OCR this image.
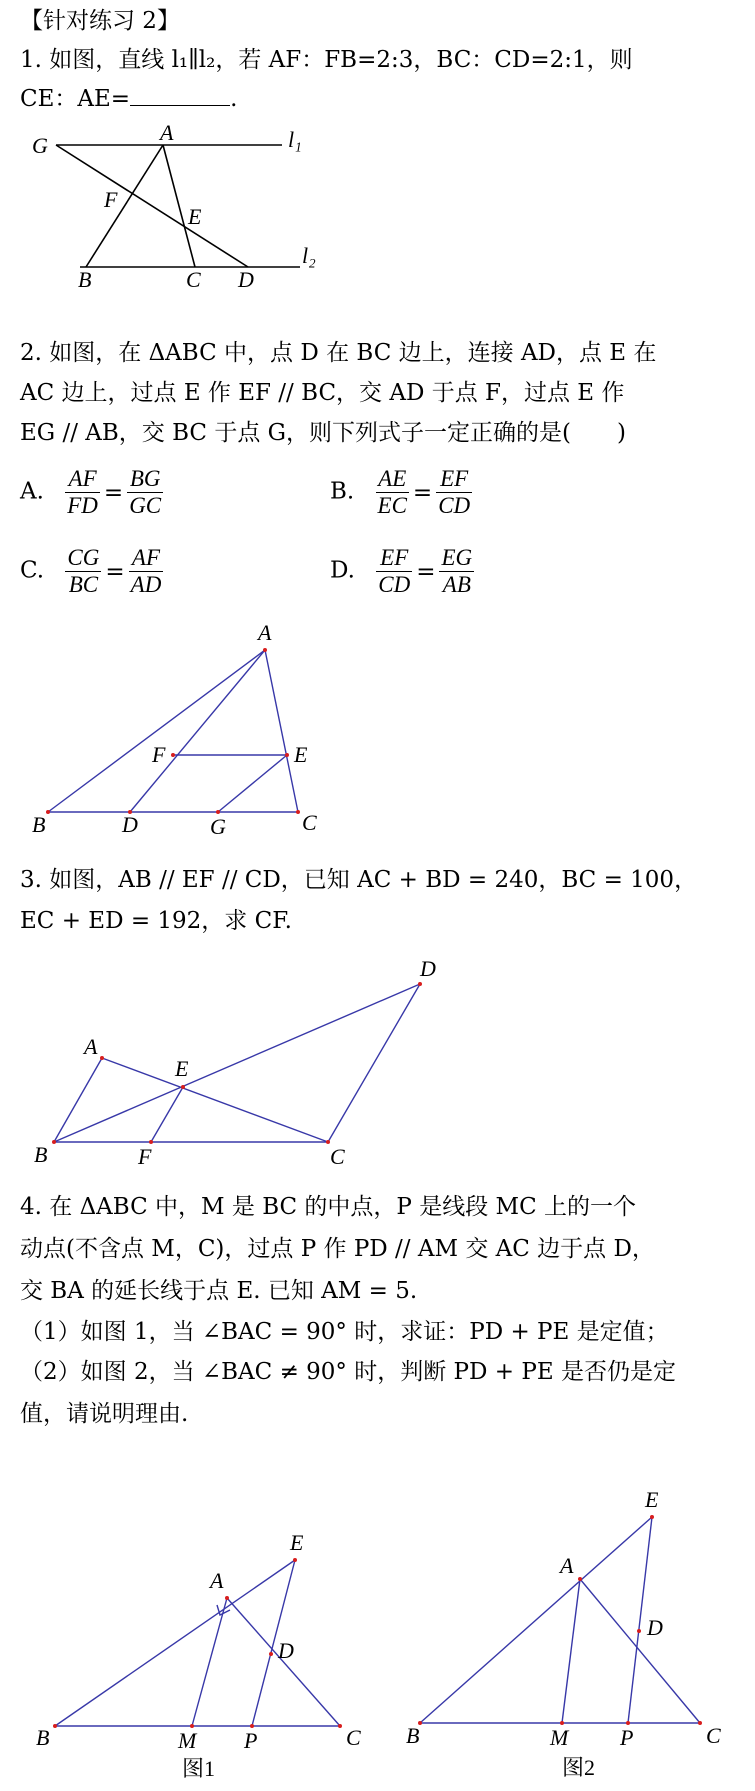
【针对练习 2】
1. 如图，直线 l₁∥l₂，若 AF：FB=2:3，BC：CD=2:1，则
CE：AE=	.
G
A	l₁
F
E
B	C D
l₂
2. 如图，在 ΔABC 中，点 D 在 BC 边上，连接 AD，点 E 在
AC 边上，过点 E 作 EF // BC，交 AD 于点 F，过点 E 作
EG // AB，交 BC 于点 G，则下列式子一定正确的是(　　)
A. $\frac{AF}{FD} = \frac{BG}{GC}$	B. $\frac{AE}{EC} = \frac{EF}{CD}$
C. $\frac{CG}{BC} = \frac{AF}{AD}$	D. $\frac{EF}{CD} = \frac{EG}{AB}$
A
F	E
B	D	G	C
3. 如图，AB // EF // CD，已知 AC + BD = 240，BC = 100，
EC + ED = 192，求 CF.
D
A
E
B	F	C
4. 在 ΔABC 中，M 是 BC 的中点，P 是线段 MC 上的一个
动点(不含点 M，C)，过点 P 作 PD // AM 交 AC 边于点 D，
交 BA 的延长线于点 E. 已知 AM = 5.
（1）如图 1，当 ∠BAC = 90° 时，求证：PD + PE 是定值；
（2）如图 2，当 ∠BAC ≠ 90° 时，判断 PD + PE 是否仍是定
值，请说明理由.
E
A
D
B	M P	C
图1
E
A
D
B	M P	C
图2
